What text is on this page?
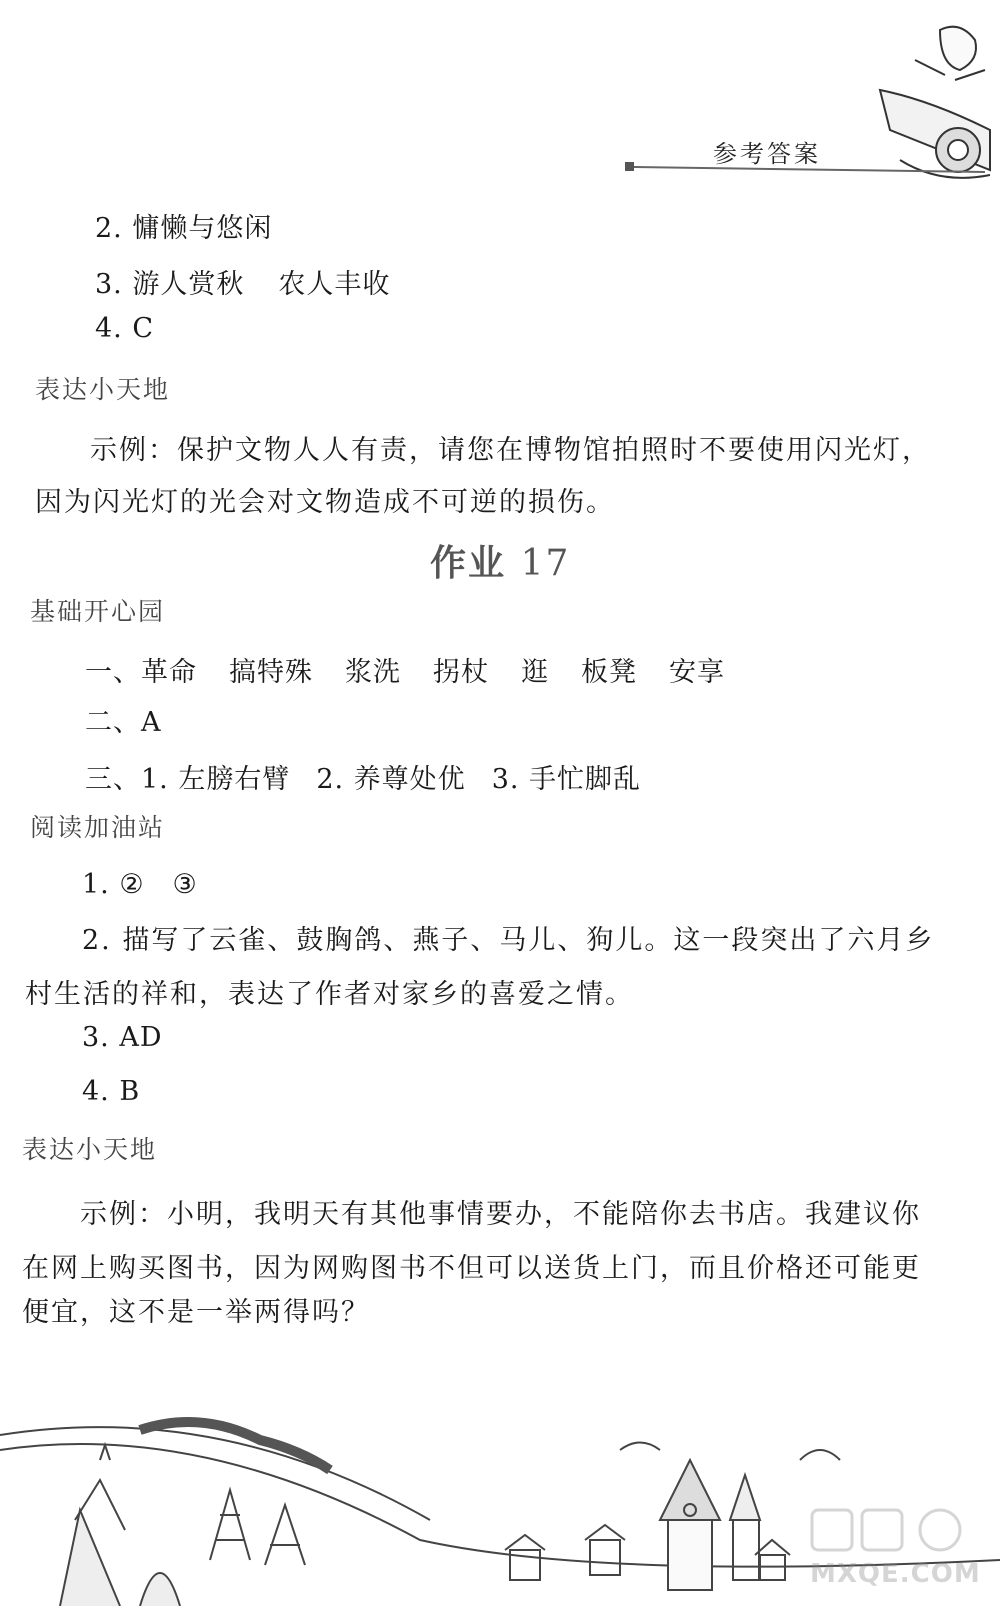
参考答案
2. 慵懒与悠闲
3. 游人赏秋 农人丰收
4. C
表达小天地
示例：保护文物人人有责，请您在博物馆拍照时不要使用闪光灯，
因为闪光灯的光会对文物造成不可逆的损伤。
作业 17
基础开心园
一、革命 搞特殊 浆洗 拐杖 逛 板凳 安享
二、A
三、1. 左膀右臂 2. 养尊处优 3. 手忙脚乱
阅读加油站
1. ②　③
2. 描写了云雀、鼓胸鸽、燕子、马儿、狗儿。这一段突出了六月乡
村生活的祥和，表达了作者对家乡的喜爱之情。
3. AD
4. B
表达小天地
示例：小明，我明天有其他事情要办，不能陪你去书店。我建议你
在网上购买图书，因为网购图书不但可以送货上门，而且价格还可能更
便宜，这不是一举两得吗？
MXQE.COM
